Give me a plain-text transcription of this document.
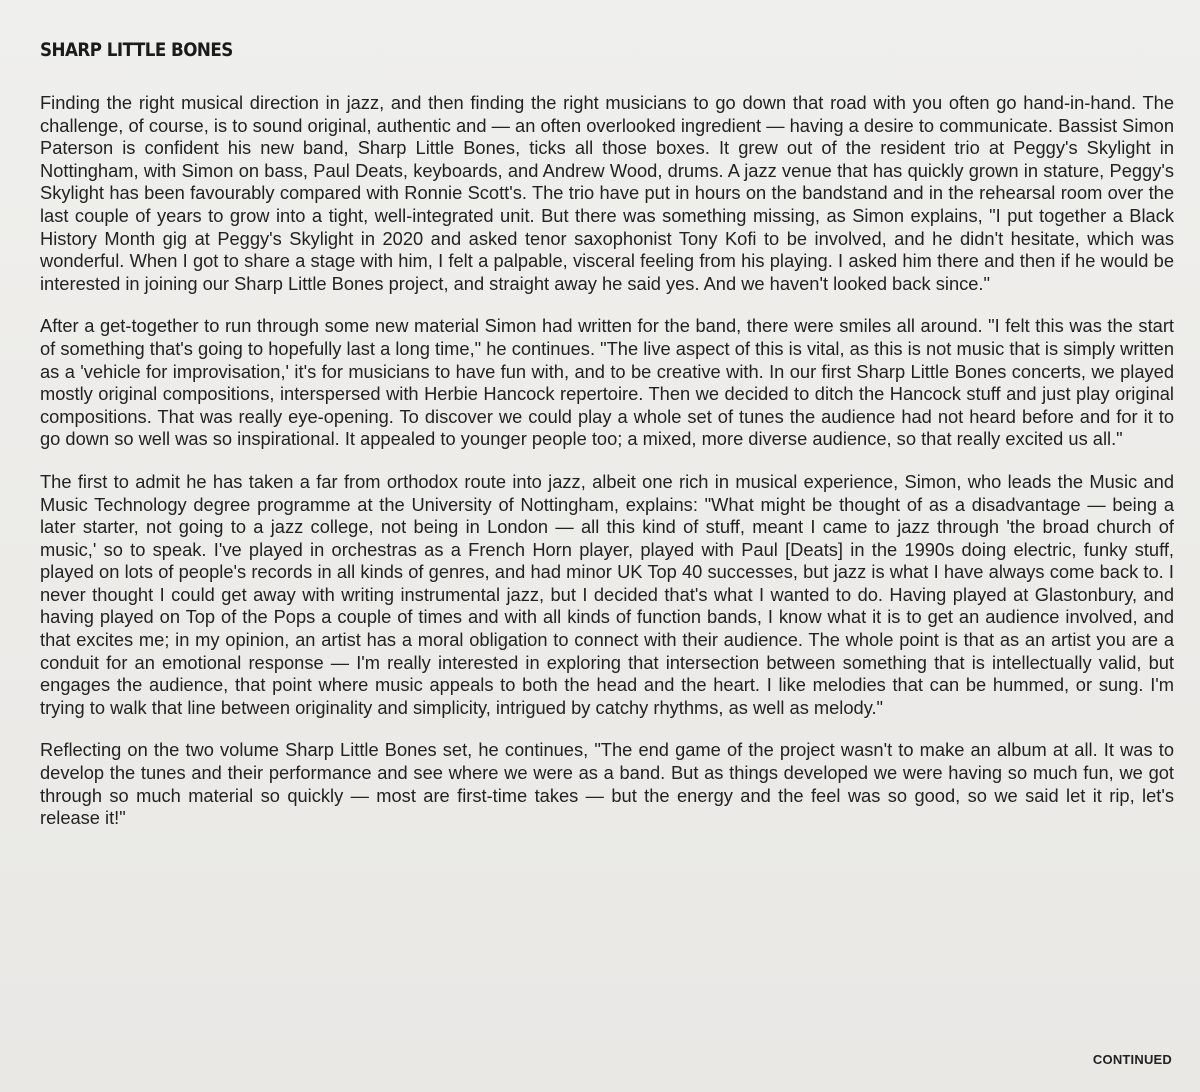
SHARP LITTLE BONES

Finding the right musical direction in jazz, and then finding the right musicians to go down that road with you often go hand-in-hand. The challenge, of course, is to sound original, authentic and — an often overlooked ingredient — having a desire to communicate. Bassist Simon Paterson is confident his new band, Sharp Little Bones, ticks all those boxes. It grew out of the resident trio at Peggy's Skylight in Nottingham, with Simon on bass, Paul Deats, keyboards, and Andrew Wood, drums. A jazz venue that has quickly grown in stature, Peggy's Skylight has been favourably compared with Ronnie Scott's. The trio have put in hours on the bandstand and in the rehearsal room over the last couple of years to grow into a tight, well-integrated unit. But there was something missing, as Simon explains, "I put together a Black History Month gig at Peggy's Skylight in 2020 and asked tenor saxophonist Tony Kofi to be involved, and he didn't hesitate, which was wonderful. When I got to share a stage with him, I felt a palpable, visceral feeling from his playing. I asked him there and then if he would be interested in joining our Sharp Little Bones project, and straight away he said yes. And we haven't looked back since."

After a get-together to run through some new material Simon had written for the band, there were smiles all around. "I felt this was the start of something that's going to hopefully last a long time," he continues. "The live aspect of this is vital, as this is not music that is simply written as a 'vehicle for improvisation,' it's for musicians to have fun with, and to be creative with. In our first Sharp Little Bones concerts, we played mostly original compositions, interspersed with Herbie Hancock repertoire. Then we decided to ditch the Hancock stuff and just play original compositions. That was really eye-opening. To discover we could play a whole set of tunes the audience had not heard before and for it to go down so well was so inspirational. It appealed to younger people too; a mixed, more diverse audience, so that really excited us all."

The first to admit he has taken a far from orthodox route into jazz, albeit one rich in musical experience, Simon, who leads the Music and Music Technology degree programme at the University of Nottingham, explains: "What might be thought of as a disadvantage — being a later starter, not going to a jazz college, not being in London — all this kind of stuff, meant I came to jazz through 'the broad church of music,' so to speak. I've played in orchestras as a French Horn player, played with Paul [Deats] in the 1990s doing electric, funky stuff, played on lots of people's records in all kinds of genres, and had minor UK Top 40 successes, but jazz is what I have always come back to. I never thought I could get away with writing instrumental jazz, but I decided that's what I wanted to do. Having played at Glastonbury, and having played on Top of the Pops a couple of times and with all kinds of function bands, I know what it is to get an audience involved, and that excites me; in my opinion, an artist has a moral obligation to connect with their audience. The whole point is that as an artist you are a conduit for an emotional response — I'm really interested in exploring that intersection between something that is intellectually valid, but engages the audience, that point where music appeals to both the head and the heart. I like melodies that can be hummed, or sung. I'm trying to walk that line between originality and simplicity, intrigued by catchy rhythms, as well as melody."

Reflecting on the two volume Sharp Little Bones set, he continues, "The end game of the project wasn't to make an album at all. It was to develop the tunes and their performance and see where we were as a band. But as things developed we were having so much fun, we got through so much material so quickly — most are first-time takes — but the energy and the feel was so good, so we said let it rip, let's release it!"

CONTINUED
